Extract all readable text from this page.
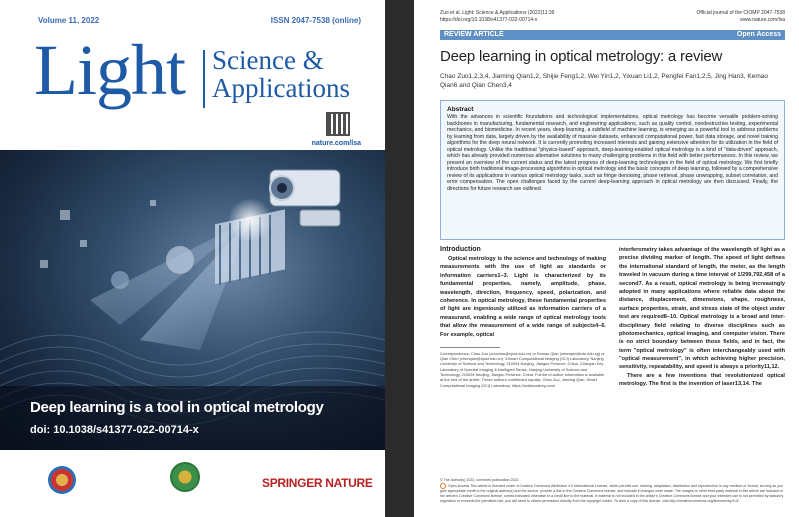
Volume 11, 2022	ISSN 2047-7538 (online)
Light Science &
Applications
nature.com/lsa
Deep learning is a tool in optical metrology
doi: 10.1038/s41377-022-00714-x
SPRINGER NATURE
Zuo et al. Light: Science & Applications (2022)11:39
https://doi.org/10.1038/s41377-022-00714-x
Official journal of the CIOMP 2047-7538
www.nature.com/lsa
REVIEW ARTICLE	Open Access
Deep learning in optical metrology: a review
Chao Zuo1,2,3,4, Jiaming Qian1,2, Shijie Feng1,2, Wei Yin1,2, Yixuan Li1,2, Pengfei Fan1,2,5, Jing Han3, Kemao Qian6 and Qian Chen3,4
Abstract
With the advances in scientific foundations and technological implementations, optical metrology has become versatile problem-solving backbones in manufacturing, fundamental research, and engineering applications, such as quality control, nondestructive testing, experimental mechanics, and biomedicine. In recent years, deep learning, a subfield of machine learning, is emerging as a powerful tool to address problems by learning from data, largely driven by the availability of massive datasets, enhanced computational power, fast data storage, and novel training algorithms for the deep neural network. It is currently promoting increased interests and gaining extensive attention for its utilization in the field of optical metrology. Unlike the traditional "physics-based" approach, deep-learning-enabled optical metrology is a kind of "data-driven" approach, which has already provided numerous alternative solutions to many challenging problems in this field with better performances. In this review, we present an overview of the current status and the latest progress of deep-learning technologies in the field of optical metrology. We first briefly introduce both traditional image-processing algorithms in optical metrology and the basic concepts of deep learning, followed by a comprehensive review of its applications in various optical metrology tasks, such as fringe denoising, phase retrieval, phase unwrapping, subset correlation, and error compensation. The open challenges faced by the current deep-learning approach in optical metrology are then discussed. Finally, the directions for future research are outlined.
Introduction
Optical metrology is the science and technology of making measurements with the use of light as standards or information carriers1–3. Light is characterized by its fundamental properties, namely, amplitude, phase, wavelength, direction, frequency, speed, polarization, and coherence. In optical metrology, these fundamental properties of light are ingeniously utilized as information carriers of a measurand, enabling a wide range of optical metrology tools that allow the measurement of a wide range of subjects4–6. For example, optical
Correspondence: Chao Zuo (zuochao@njust.edu.cn) or Kemao Qian (mkmqian@ntu.edu.sg) or Qian Chen (chenqian@njust.edu.cn). 1Smart Computational Imaging (SCI) Laboratory, Nanjing University of Science and Technology, 210094 Nanjing, Jiangsu Province, China. 2Jiangsu Key Laboratory of Spectral Imaging & Intelligent Sense, Nanjing University of Science and Technology, 210094 Nanjing, Jiangsu Province, China. Full list of author information is available at the end of the article. These authors contributed equally: Chao Zuo, Jiaming Qian. Smart Computational Imaging (SCI) Laboratory: https://scilaboratory.com/
interferometry takes advantage of the wavelength of light as a precise dividing marker of length. The speed of light defines the international standard of length, the meter, as the length traveled in vacuum during a time interval of 1/299,792,458 of a second7. As a result, optical metrology is being increasingly adopted in many applications where reliable data about the distance, displacement, dimensions, shape, roughness, surface properties, strain, and stress state of the object under test are required8–10. Optical metrology is a broad and inter-disciplinary field relating to diverse disciplines such as photomechanics, optical imaging, and computer vision. There is no strict boundary between those fields, and in fact, the term "optical metrology" is often interchangeably used with "optical measurement", in which achieving higher precision, sensitivity, repeatability, and speed is always a priority11,12.
There are a few inventions that revolutionized optical metrology. The first is the invention of laser13,14. The
© The Author(s) 2022, corrected publication 2022
Open Access This article is licensed under a Creative Commons Attribution 4.0 International License, which permits use, sharing, adaptation, distribution and reproduction in any medium or format, as long as you give appropriate credit to the original author(s) and the source, provide a link to the Creative Commons license, and indicate if changes were made. The images or other third party material in this article are included in the article's Creative Commons license, unless indicated otherwise in a credit line to the material. If material is not included in the article's Creative Commons license and your intended use is not permitted by statutory regulation or exceeds the permitted use, you will need to obtain permission directly from the copyright holder. To view a copy of this license, visit http://creativecommons.org/licenses/by/4.0/.
